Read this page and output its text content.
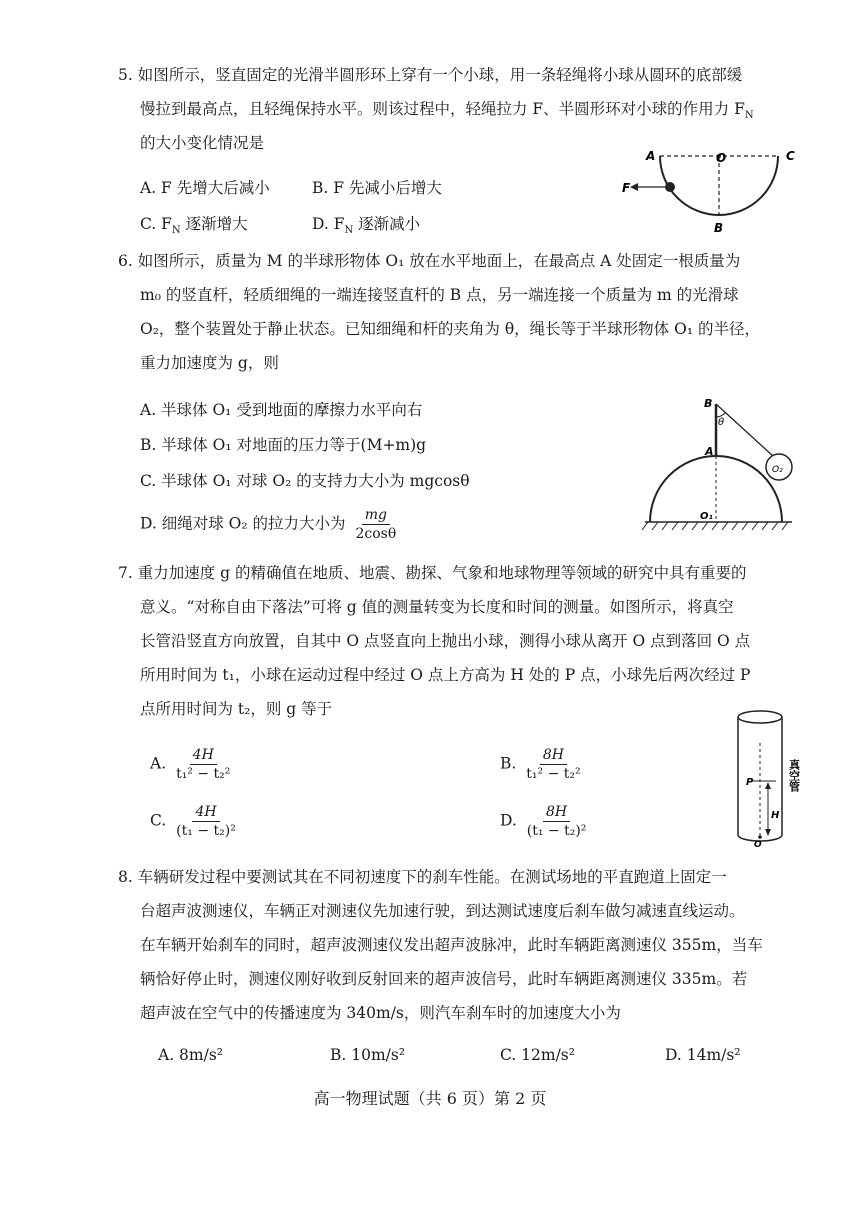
5. 如图所示，竖直固定的光滑半圆形环上穿有一个小球，用一条轻绳将小球从圆环的底部缓
慢拉到最高点，且轻绳保持水平。则该过程中，轻绳拉力 F、半圆形环对小球的作用力 $F_N$
的大小变化情况是
A. F 先增大后减小	B. F 先减小后增大
C. $F_N$ 逐渐增大	D. $F_N$ 逐渐减小
A	O	C
F
B
6. 如图所示，质量为 M 的半球形物体 O₁ 放在水平地面上，在最高点 A 处固定一根质量为
m₀ 的竖直杆，轻质细绳的一端连接竖直杆的 B 点，另一端连接一个质量为 m 的光滑球
O₂，整个装置处于静止状态。已知细绳和杆的夹角为 θ，绳长等于半球形物体 O₁ 的半径，
重力加速度为 g，则
A. 半球体 O₁ 受到地面的摩擦力水平向右
B. 半球体 O₁ 对地面的压力等于(M+m)g
C. 半球体 O₁ 对球 O₂ 的支持力大小为 mgcosθ
D. 细绳对球 O₂ 的拉力大小为 $\frac{mg}{2\cos\theta}$
B
θ
A
O₁
O₂
7. 重力加速度 g 的精确值在地质、地震、勘探、气象和地球物理等领域的研究中具有重要的
意义。“对称自由下落法”可将 g 值的测量转变为长度和时间的测量。如图所示，将真空
长管沿竖直方向放置，自其中 O 点竖直向上抛出小球，测得小球从离开 O 点到落回 O 点
所用时间为 t₁，小球在运动过程中经过 O 点上方高为 H 处的 P 点，小球先后两次经过 P
点所用时间为 t₂，则 g 等于
A. $\frac{4H}{\text{t₁² − t₂²}}$	B. $\frac{8H}{\text{t₁² − t₂²}}$
C. $\frac{4H}{\text{(t₁ − t₂)²}}$	D. $\frac{8H}{\text{(t₁ − t₂)²}}$
P
H
O
真空管
8. 车辆研发过程中要测试其在不同初速度下的刹车性能。在测试场地的平直跑道上固定一
台超声波测速仪，车辆正对测速仪先加速行驶，到达测试速度后刹车做匀减速直线运动。
在车辆开始刹车的同时，超声波测速仪发出超声波脉冲，此时车辆距离测速仪 355m，当车
辆恰好停止时，测速仪刚好收到反射回来的超声波信号，此时车辆距离测速仪 335m。若
超声波在空气中的传播速度为 340m/s，则汽车刹车时的加速度大小为
A. 8m/s²	B. 10m/s²	C. 12m/s²	D. 14m/s²
高一物理试题（共 6 页）第 2 页
